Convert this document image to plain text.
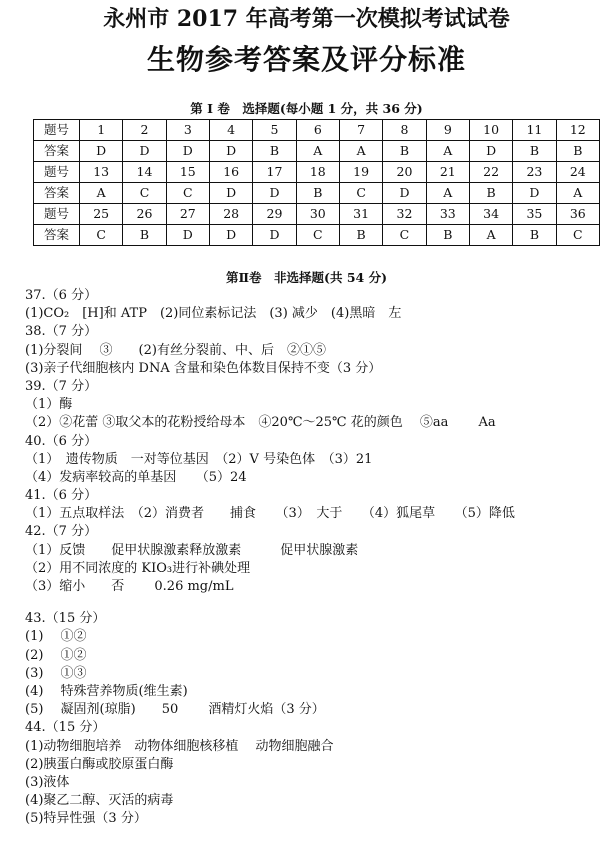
永州市 2017 年高考第一次模拟考试试卷
生物参考答案及评分标准
第 I 卷　选择题(每小题 1 分，共 36 分)
题号	1	2	3	4	5	6	7	8	9	10	11	12
答案	D	D	D	D	B	A	A	B	A	D	B	B
题号	13	14	15	16	17	18	19	20	21	22	23	24
答案	A	C	C	D	D	B	C	D	A	B	D	A
题号	25	26	27	28	29	30	31	32	33	34	35	36
答案	C	B	D	D	D	C	B	C	B	A	B	C
第Ⅱ卷　非选择题(共 54 分)
37.（6 分）
(1)CO₂　[H]和 ATP　(2)同位素标记法　(3) 减少　(4)黑暗　左
38.（7 分）
(1)分裂间　 ③　　(2)有丝分裂前、中、后　②①⑤
(3)亲子代细胞核内 DNA 含量和染色体数目保持不变（3 分）
39.（7 分）
（1）酶
（2）②花蕾 ③取父本的花粉授给母本　④20℃～25℃ 花的颜色　 ⑤aa　　 Aa
40.（6 分）
（1）　遗传物质　一对等位基因　（2）V 号染色体　（3）21
（4）发病率较高的单基因　　（5）24
41.（6 分）
（1）五点取样法　（2）消费者　　捕食　　（3）　大于　　（4）狐尾草　　（5）降低
42.（7 分）
（1）反馈　　促甲状腺激素释放激素　　　促甲状腺激素
（2）用不同浓度的 KIO₃进行补碘处理
（3）缩小　　否　　 0.26 mg/mL
43.（15 分）
(1)　 ①②
(2)　 ①②
(3)　 ①③
(4)　 特殊营养物质(维生素)
(5)　 凝固剂(琼脂)　　50　　 酒精灯火焰（3 分）
44.（15 分）
(1)动物细胞培养　动物体细胞核移植　 动物细胞融合
(2)胰蛋白酶或胶原蛋白酶
(3)液体
(4)聚乙二醇、灭活的病毒
(5)特异性强（3 分）
